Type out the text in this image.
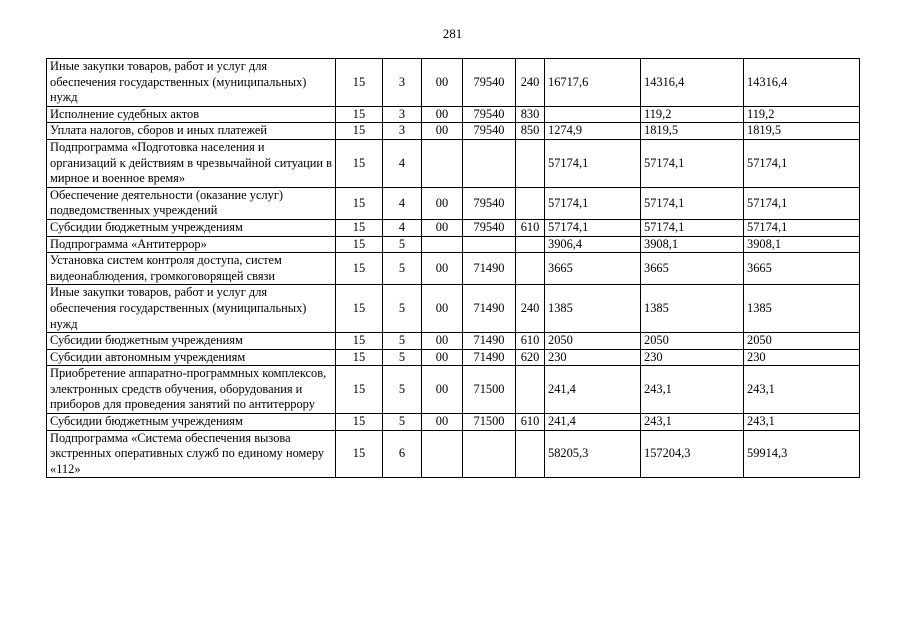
281
Иные закупки товаров, работ и услуг для обеспечения государственных (муниципальных) нужд	15	3	00	79540	240	16717,6	14316,4	14316,4
Исполнение судебных актов	15	3	00	79540	830		119,2	119,2
Уплата налогов, сборов и иных платежей	15	3	00	79540	850	1274,9	1819,5	1819,5
Подпрограмма «Подготовка населения и организаций к действиям в чрезвычайной ситуации в мирное и военное время»	15	4				57174,1	57174,1	57174,1
Обеспечение деятельности (оказание услуг) подведомственных учреждений	15	4	00	79540		57174,1	57174,1	57174,1
Субсидии бюджетным учреждениям	15	4	00	79540	610	57174,1	57174,1	57174,1
Подпрограмма «Антитеррор»	15	5				3906,4	3908,1	3908,1
Установка систем контроля доступа, систем видеонаблюдения, громкоговорящей связи	15	5	00	71490		3665	3665	3665
Иные закупки товаров, работ и услуг для обеспечения государственных (муниципальных) нужд	15	5	00	71490	240	1385	1385	1385
Субсидии бюджетным учреждениям	15	5	00	71490	610	2050	2050	2050
Субсидии автономным учреждениям	15	5	00	71490	620	230	230	230
Приобретение аппаратно-программных комплексов, электронных средств обучения, оборудования и приборов для проведения занятий по антитеррору	15	5	00	71500		241,4	243,1	243,1
Субсидии бюджетным учреждениям	15	5	00	71500	610	241,4	243,1	243,1
Подпрограмма «Система обеспечения вызова экстренных оперативных служб по единому номеру «112»	15	6				58205,3	157204,3	59914,3
